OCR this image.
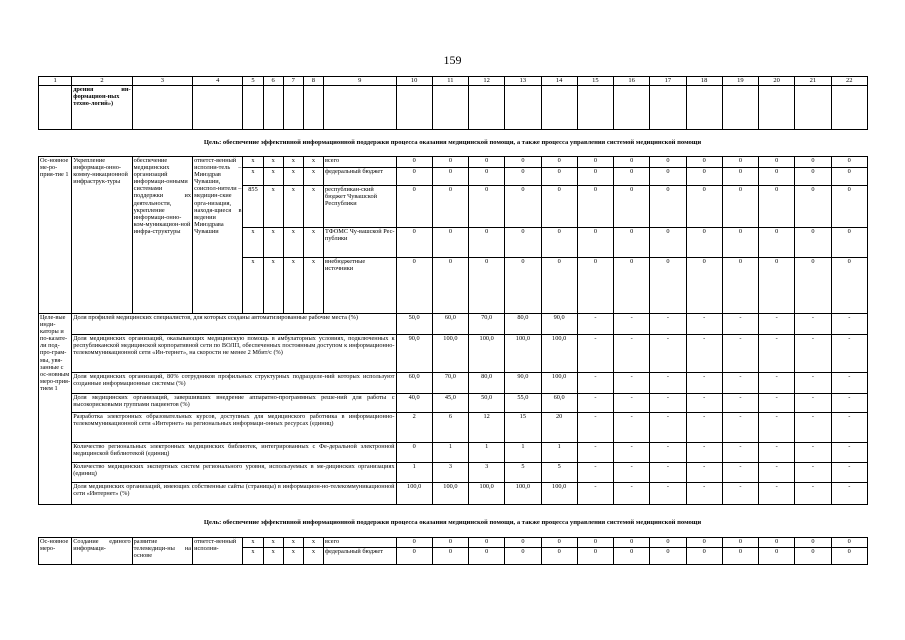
159
1	2	3	4	5	6	7	8	9	10	11	12	13	14	15	16	17	18	19	20	21	22
	дрения ин-формацион-ных техно-логий»)																				
Цель: обеспечение эффективной информационной поддержки процесса оказания медицинской помощи, а также процесса управления системой медицинской помощи
Ос-новное ме-ро-прия-тие 1	Укрепление информаци-онно-комму-никационной инфраструк-туры	обеспечение медицинских организаций информаци-онными системами поддержки их деятельности, укрепление информаци-онно-ком-муникацион-ной инфра-структуры	ответст-венный исполни-тель – Минздрав Чувашии, соиспол-нители – медицин-ские орга-низация, находя-щиеся в ведении Минздрава Чувашии	x	x	x	x	всего	0	0	0	0	0	0	0	0	0	0	0	0	0
				x	x	x	x	федеральный бюджет	0	0	0	0	0	0	0	0	0	0	0	0	0
				855	x	x	x	республикан-ский бюджет Чувашской Республики	0	0	0	0	0	0	0	0	0	0	0	0	0
				x	x	x	x	ТФОМС Чу-вашской Рес-публики	0	0	0	0	0	0	0	0	0	0	0	0	0
				x	x	x	x	внебюджетные источники	0	0	0	0	0	0	0	0	0	0	0	0	0
Целе-вые инди-каторы и по-казате-ли под-про-грам-мы, увя-занные с ос-новным меро-прия-тием 1	Доля профилей медицинских специалистов, для которых созданы автоматизированные рабочие места (%)								50,0	60,0	70,0	80,0	90,0	-	-	-	-	-	-	-	-
	Доля медицинских организаций, оказывающих медицинскую помощь в амбулаторных условиях, подключенных к республиканской медицинской корпоративной сети по ВОЛП, обеспеченных постоянным доступом к информационно-телекоммуникационной сети «Ин-тернет», на скорости не менее 2 Мбит/с (%)								90,0	100,0	100,0	100,0	100,0	-	-	-	-	-	-	-	-
	Доля медицинских организаций, 80% сотрудников профильных структурных подразделе-ний которых используют созданные информационные системы (%)								60,0	70,0	80,0	90,0	100,0	-	-	-	-	-	-	-	-
	Доля медицинских организаций, завершивших внедрение аппаратно-программных реше-ний для работы с высокорисковыми группами пациентов (%)								40,0	45,0	50,0	55,0	60,0	-	-	-	-	-	-	-	-
	Разработка электронных образовательных курсов, доступных для медицинского работника в информационно-телекоммуникационной сети «Интернет» на региональных информаци-онных ресурсах (единиц)								2	6	12	15	20	-	-	-	-	-	-	-	-
	Количество региональных электронных медицинских библиотек, интегрированных с Фе-деральной электронной медицинской библиотекой (единиц)								0	1	1	1	1	-	-	-	-	-	-	-	-
	Количество медицинских экспертных систем регионального уровня, используемых в ме-дицинских организациях (единиц)								1	3	3	5	5	-	-	-	-	-	-	-	-
	Доля медицинских организаций, имеющих собственные сайты (страницы) в информацион-но-телекоммуникационной сети «Интернет» (%)								100,0	100,0	100,0	100,0	100,0	-	-	-	-	-	-	-	-
Цель: обеспечение эффективной информационной поддержки процесса оказания медицинской помощи, а также процесса управления системой медицинской помощи
Ос-новное меро-	Создание единого информаци-	развитие телемедици-ны на основе	ответст-венный исполни-	x	x	x	x	всего	0	0	0	0	0	0	0	0	0	0	0	0	0
				x	x	x	x	федеральный бюджет	0	0	0	0	0	0	0	0	0	0	0	0	0
